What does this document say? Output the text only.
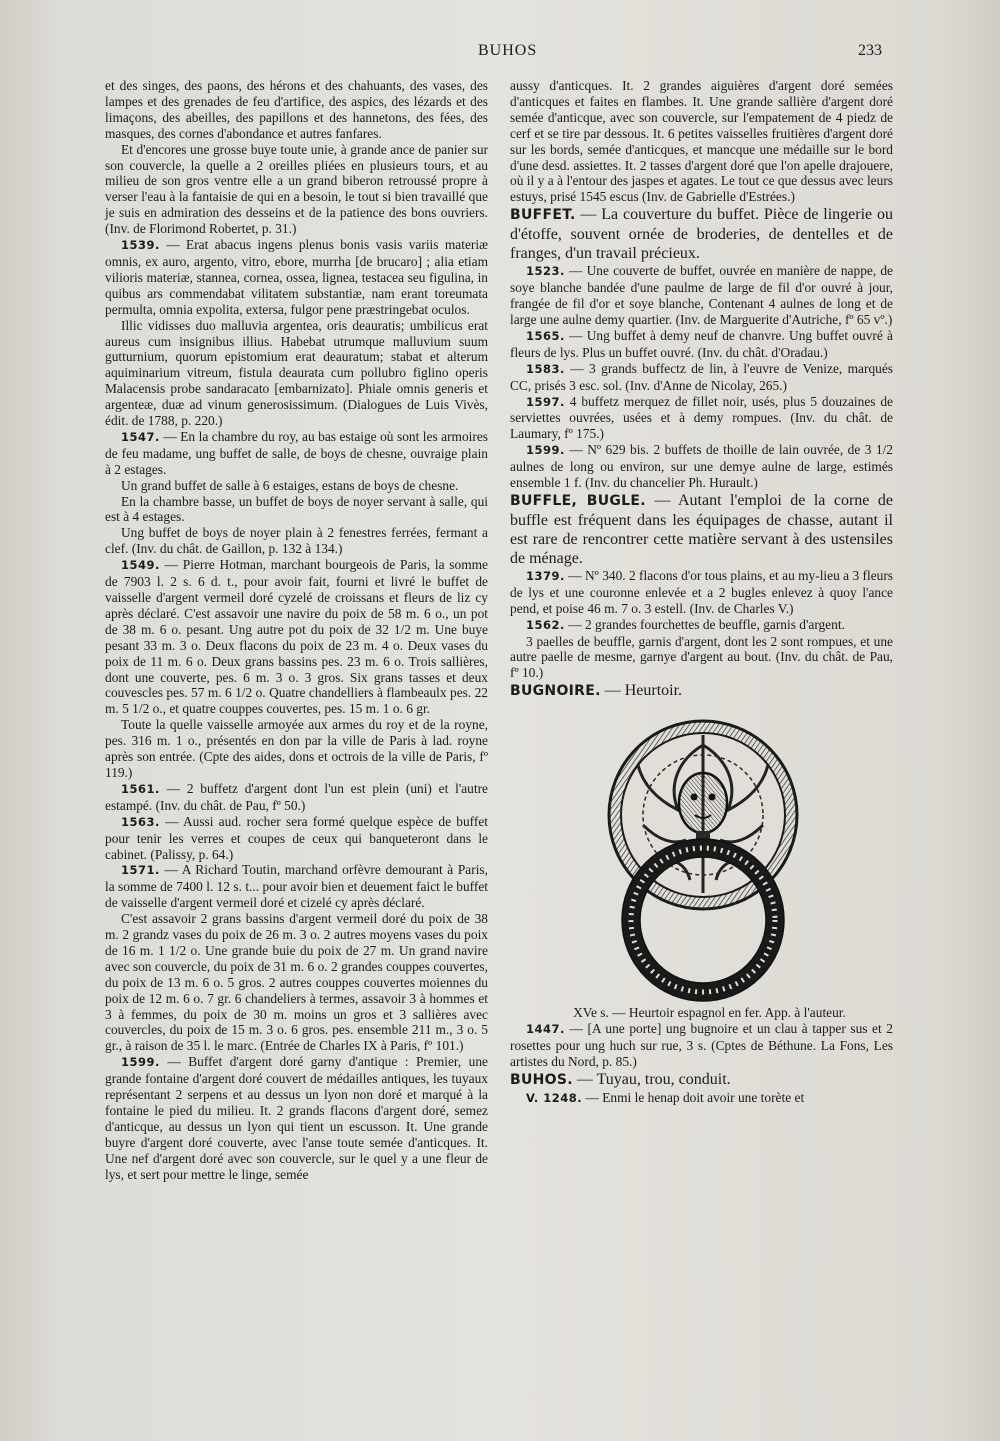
BUHOS	233

et des singes, des paons, des hérons et des chahuants, des vases, des lampes et des grenades de feu d'artifice, des aspics, des lézards et des limaçons, des abeilles, des papillons et des hannetons, des fées, des masques, des cornes d'abondance et autres fanfares.

Et d'encores une grosse buye toute unie, à grande ance de panier sur son couvercle, la quelle a 2 oreilles pliées en plusieurs tours, et au milieu de son gros ventre elle a un grand biberon retroussé propre à verser l'eau à la fantaisie de qui en a besoin, le tout si bien travaillé que je suis en admiration des desseins et de la patience des bons ouvriers. (Inv. de Florimond Robertet, p. 31.)

1539. — Erat abacus ingens plenus bonis vasis variis materiæ omnis, ex auro, argento, vitro, ebore, murrha [de brucaro] ; alia etiam vilioris materiæ, stannea, cornea, ossea, lignea, testacea seu figulina, in quibus ars commendabat vilitatem substantiæ, nam erant toreumata permulta, omnia expolita, extersa, fulgor pene præstringebat oculos.

Illic vidisses duo malluvia argentea, oris deauratis; umbilicus erat aureus cum insignibus illius. Habebat utrumque malluvium suum gutturnium, quorum epistomium erat deauratum; stabat et alterum aquiminarium vitreum, fistula deaurata cum pollubro figlino operis Malacensis probe sandaracato [embarnizato]. Phiale omnis generis et argenteæ, duæ ad vinum generosissimum. (Dialogues de Luis Vivès, édit. de 1788, p. 220.)

1547. — En la chambre du roy, au bas estaige où sont les armoires de feu madame, ung buffet de salle, de boys de chesne, ouvraige plain à 2 estages.

Un grand buffet de salle à 6 estaiges, estans de boys de chesne.

En la chambre basse, un buffet de boys de noyer servant à salle, qui est à 4 estages.

Ung buffet de boys de noyer plain à 2 fenestres ferrées, fermant a clef. (Inv. du chât. de Gaillon, p. 132 à 134.)

1549. — Pierre Hotman, marchant bourgeois de Paris, la somme de 7903 l. 2 s. 6 d. t., pour avoir fait, fourni et livré le buffet de vaisselle d'argent vermeil doré cyzelé de croissans et fleurs de liz cy après déclaré. C'est assavoir une navire du poix de 58 m. 6 o., un pot de 38 m. 6 o. pesant. Ung autre pot du poix de 32 1/2 m. Une buye pesant 33 m. 3 o. Deux flacons du poix de 23 m. 4 o. Deux vases du poix de 11 m. 6 o. Deux grans bassins pes. 23 m. 6 o. Trois sallières, dont une couverte, pes. 6 m. 3 o. 3 gros. Six grans tasses et deux couvescles pes. 57 m. 6 1/2 o. Quatre chandelliers à flambeaulx pes. 22 m. 5 1/2 o., et quatre couppes couvertes, pes. 15 m. 1 o. 6 gr.

Toute la quelle vaisselle armoyée aux armes du roy et de la royne, pes. 316 m. 1 o., présentés en don par la ville de Paris à lad. royne après son entrée. (Cpte des aides, dons et octrois de la ville de Paris, fº 119.)

1561. — 2 buffetz d'argent dont l'un est plein (uni) et l'autre estampé. (Inv. du chât. de Pau, fº 50.)

1563. — Aussi aud. rocher sera formé quelque espèce de buffet pour tenir les verres et coupes de ceux qui banqueteront dans le cabinet. (Palissy, p. 64.)

1571. — A Richard Toutin, marchand orfèvre demourant à Paris, la somme de 7400 l. 12 s. t... pour avoir bien et deuement faict le buffet de vaisselle d'argent vermeil doré et cizelé cy après déclaré.

C'est assavoir 2 grans bassins d'argent vermeil doré du poix de 38 m. 2 grandz vases du poix de 26 m. 3 o. 2 autres moyens vases du poix de 16 m. 1 1/2 o. Une grande buie du poix de 27 m. Un grand navire avec son couvercle, du poix de 31 m. 6 o. 2 grandes couppes couvertes, du poix de 13 m. 6 o. 5 gros. 2 autres couppes couvertes moiennes du poix de 12 m. 6 o. 7 gr. 6 chandeliers à termes, assavoir 3 à hommes et 3 à femmes, du poix de 30 m. moins un gros et 3 sallières avec couvercles, du poix de 15 m. 3 o. 6 gros. pes. ensemble 211 m., 3 o. 5 gr., à raison de 35 l. le marc. (Entrée de Charles IX à Paris, fº 101.)

1599. — Buffet d'argent doré garny d'antique : Premier, une grande fontaine d'argent doré couvert de médailles antiques, les tuyaux représentant 2 serpens et au dessus un lyon non doré et marqué à la fontaine le pied du milieu. It. 2 grands flacons d'argent doré, semez d'anticque, au dessus un lyon qui tient un escusson. It. Une grande buyre d'argent doré couverte, avec l'anse toute semée d'anticques. It. Une nef d'argent doré avec son couvercle, sur le quel y a une fleur de lys, et sert pour mettre le linge, semée

aussy d'anticques. It. 2 grandes aiguières d'argent doré semées d'anticques et faites en flambes. It. Une grande sallière d'argent doré semée d'anticque, avec son couvercle, sur l'empatement de 4 piedz de cerf et se tire par dessous. It. 6 petites vaisselles fruitières d'argent doré sur les bords, semée d'anticques, et mancque une médaille sur le bord d'une desd. assiettes. It. 2 tasses d'argent doré que l'on apelle drajouere, où il y a à l'entour des jaspes et agates. Le tout ce que dessus avec leurs estuys, prisé 1545 escus (Inv. de Gabrielle d'Estrées.)

BUFFET. — La couverture du buffet. Pièce de lingerie ou d'étoffe, souvent ornée de broderies, de dentelles et de franges, d'un travail précieux.

1523. — Une couverte de buffet, ouvrée en manière de nappe, de soye blanche bandée d'une paulme de large de fil d'or ouvré à jour, frangée de fil d'or et soye blanche, Contenant 4 aulnes de long et de large une aulne demy quartier. (Inv. de Marguerite d'Autriche, fº 65 vº.)

1565. — Ung buffet à demy neuf de chanvre. Ung buffet ouvré à fleurs de lys. Plus un buffet ouvré. (Inv. du chât. d'Oradau.)

1583. — 3 grands buffectz de lin, à l'euvre de Venize, marqués CC, prisés 3 esc. sol. (Inv. d'Anne de Nicolay, 265.)

1597. 4 buffetz merquez de fillet noir, usés, plus 5 douzaines de serviettes ouvrées, usées et à demy rompues. (Inv. du chât. de Laumary, fº 175.)

1599. — Nº 629 bis. 2 buffets de thoille de lain ouvrée, de 3 1/2 aulnes de long ou environ, sur une demye aulne de large, estimés ensemble 1 f. (Inv. du chancelier Ph. Hurault.)

BUFFLE, BUGLE. — Autant l'emploi de la corne de buffle est fréquent dans les équipages de chasse, autant il est rare de rencontrer cette matière servant à des ustensiles de ménage.

1379. — Nº 340. 2 flacons d'or tous plains, et au my-lieu a 3 fleurs de lys et une couronne enlevée et a 2 bugles enlevez à quoy l'ance pend, et poise 46 m. 7 o. 3 estell. (Inv. de Charles V.)

1562. — 2 grandes fourchettes de beuffle, garnis d'argent.

3 paelles de beuffle, garnis d'argent, dont les 2 sont rompues, et une autre paelle de mesme, garnye d'argent au bout. (Inv. du chât. de Pau, fº 10.)

BUGNOIRE. — Heurtoir.

XVe s. — Heurtoir espagnol en fer. App. à l'auteur.

1447. — [A une porte] ung bugnoire et un clau à tapper sus et 2 rosettes pour ung huch sur rue, 3 s. (Cptes de Béthune. La Fons, Les artistes du Nord, p. 85.)

BUHOS. — Tuyau, trou, conduit.

V. 1248. — Enmi le henap doit avoir une torète et
